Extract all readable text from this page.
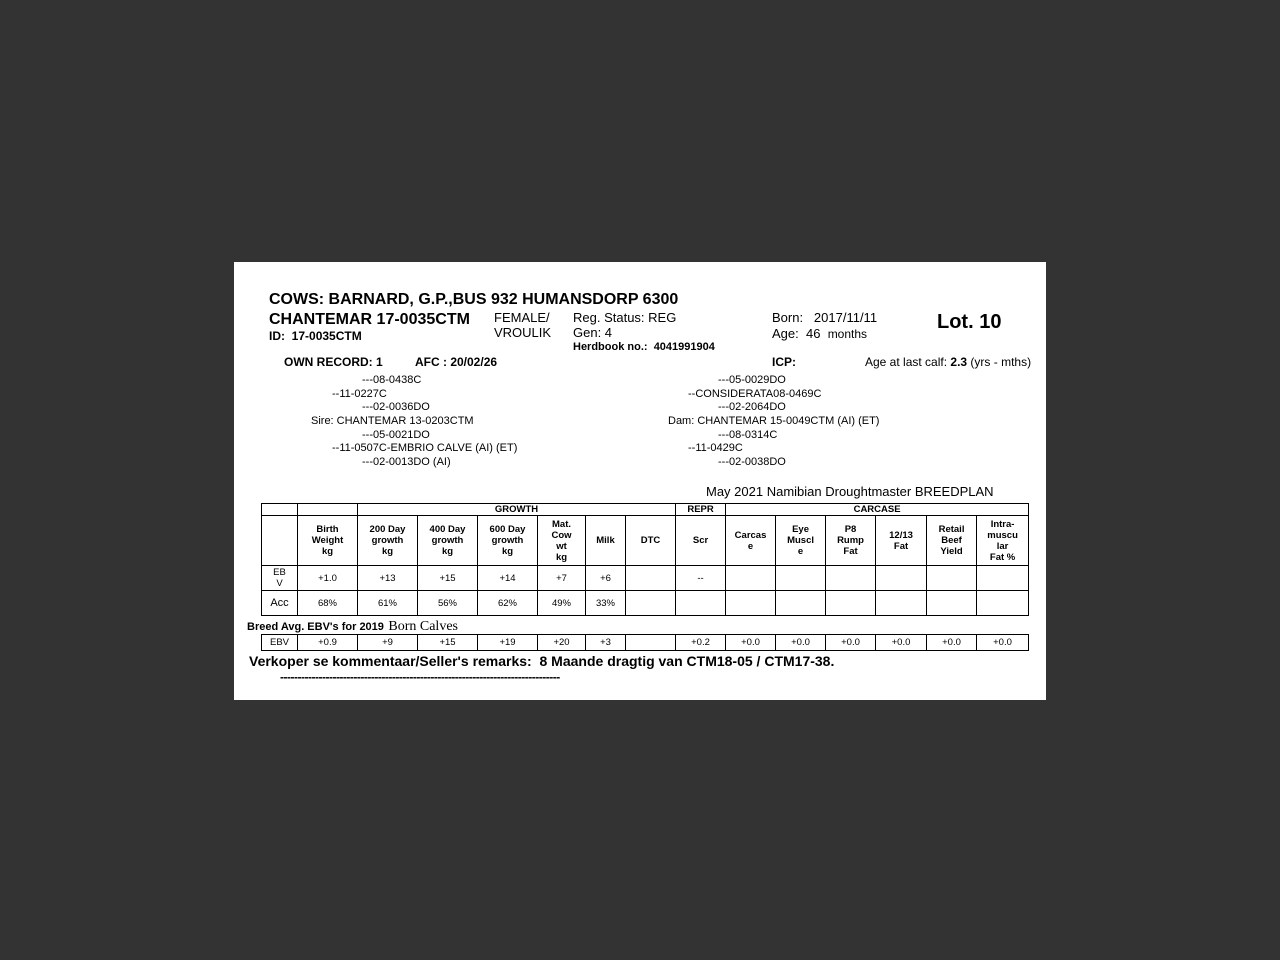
COWS: BARNARD, G.P.,BUS 932 HUMANSDORP 6300
CHANTEMAR 17-0035CTM
ID: 17-0035CTM
FEMALE/
VROULIK
Reg. Status: REG
Gen: 4
Herdbook no.: 4041991904
Born: 2017/11/11
Age: 46 months
Lot. 10
OWN RECORD: 1	AFC : 20/02/26	ICP:	Age at last calf: 2.3 (yrs - mths)
---08-0438C
--11-0227C
---02-0036DO
Sire: CHANTEMAR 13-0203CTM
---05-0021DO
--11-0507C-EMBRIO CALVE (AI) (ET)
---02-0013DO (AI)
---05-0029DO
--CONSIDERATA08-0469C
---02-2064DO
Dam: CHANTEMAR 15-0049CTM (AI) (ET)
---08-0314C
--11-0429C
---02-0038DO
May 2021 Namibian Droughtmaster BREEDPLAN
		GROWTH						REPR	CARCASE					
	Birth
Weight
kg	200 Day
growth
kg	400 Day
growth
kg	600 Day
growth
kg	Mat.
Cow
wt
kg	Milk	DTC	Scr	Carcas
e	Eye
Muscl
e	P8
Rump
Fat	12/13
Fat	Retail
Beef
Yield	Intra-
muscu
lar
Fat %
EB
V	+1.0	+13	+15	+14	+7	+6		--						
Acc	68%	61%	56%	62%	49%	33%								
Breed Avg. EBV's for 2019 Born Calves
EBV	+0.9	+9	+15	+19	+20	+3		+0.2	+0.0	+0.0	+0.0	+0.0	+0.0	+0.0
Verkoper se kommentaar/Seller's remarks: 8 Maande dragtig van CTM18-05 / CTM17-38.
--------------------------------------------------------------------------------
